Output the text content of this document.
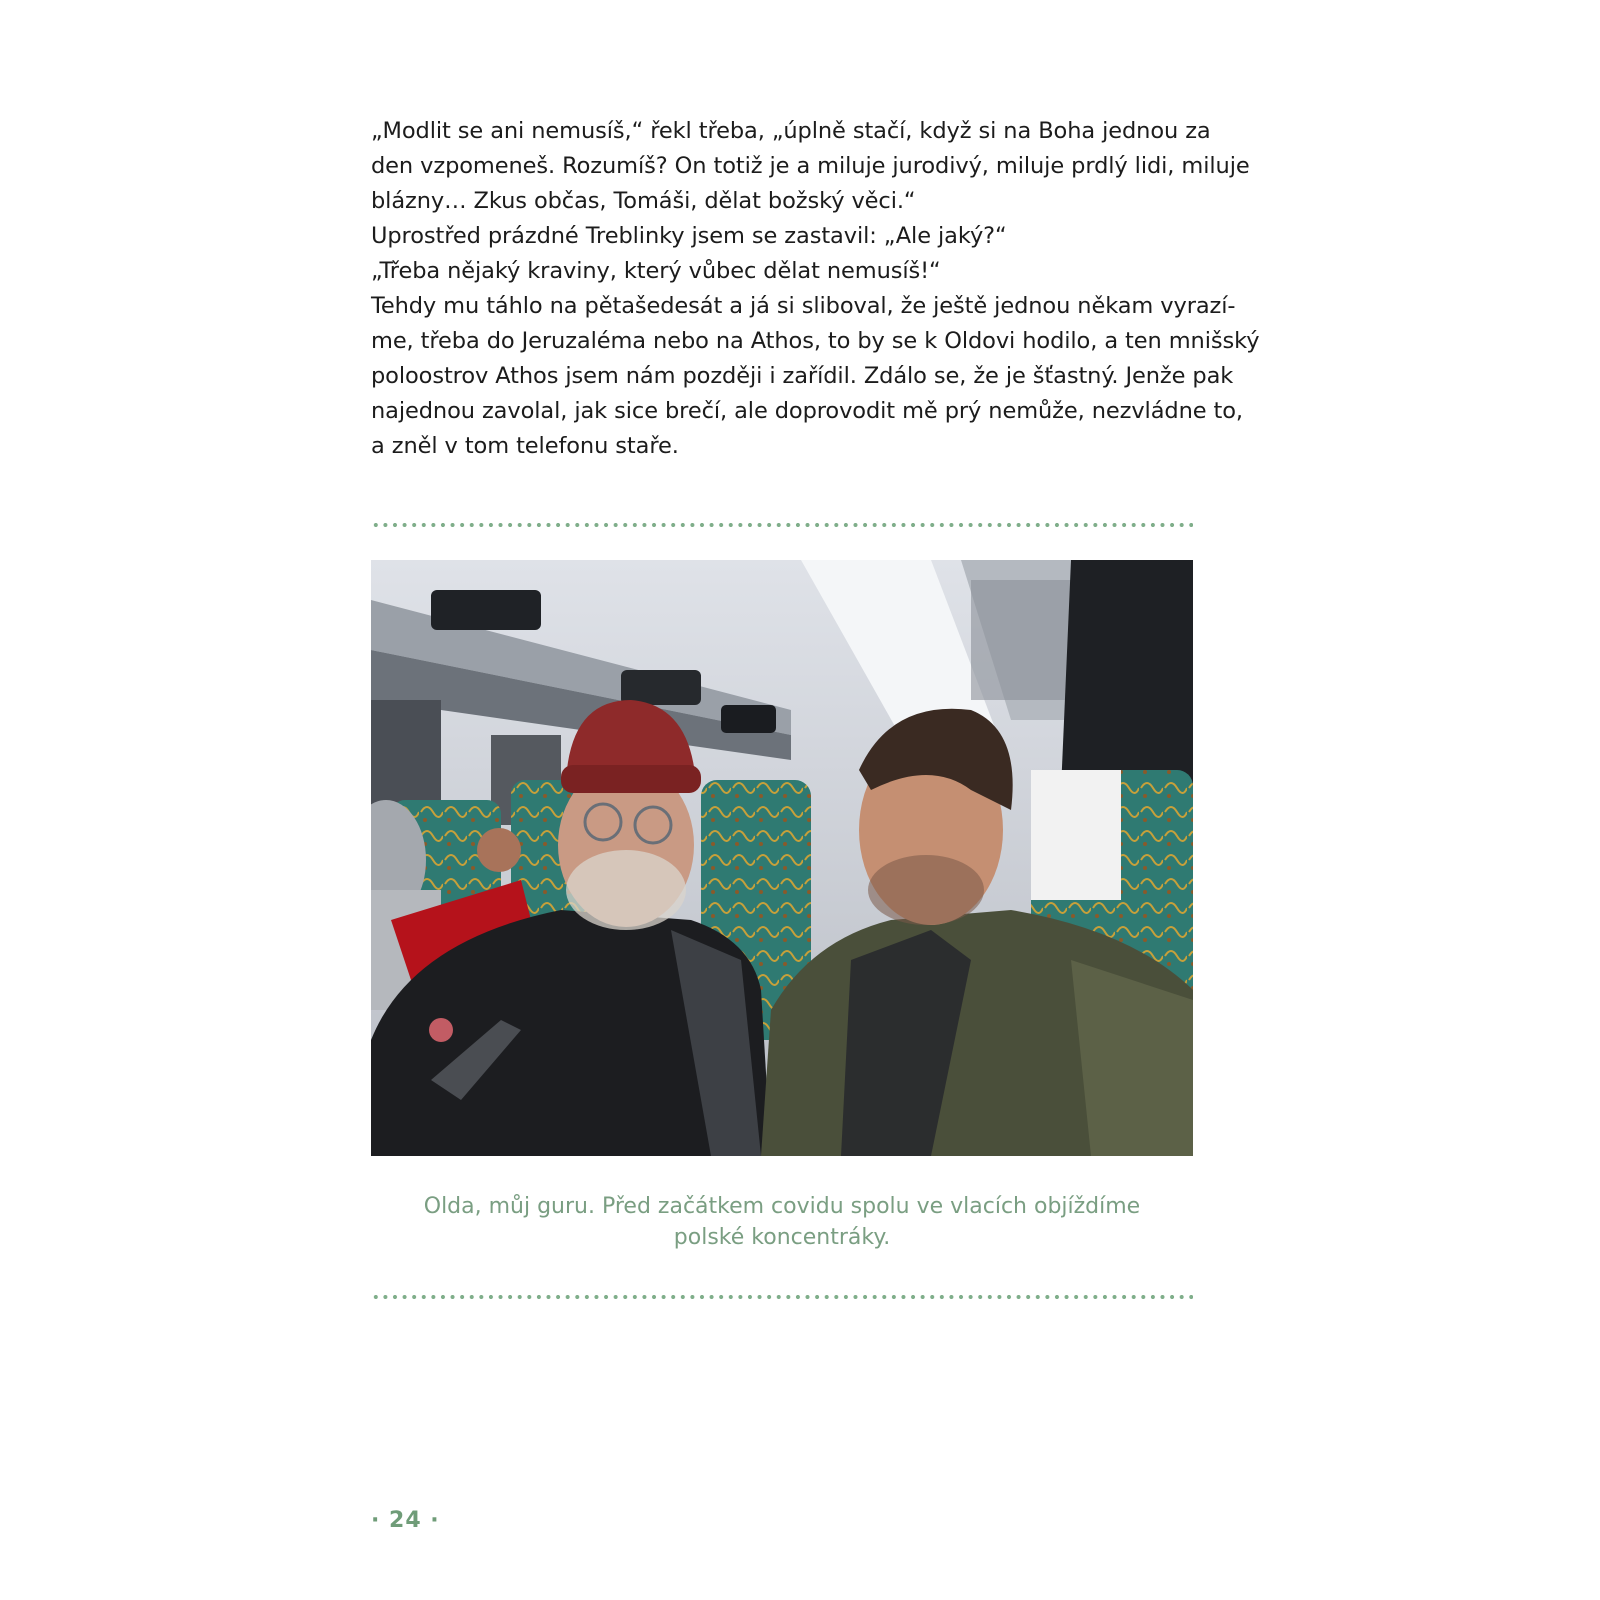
„Modlit se ani nemusíš,“ řekl třeba, „úplně stačí, když si na Boha jednou za
den vzpomeneš. Rozumíš? On totiž je a miluje jurodivý, miluje prdlý lidi, miluje
blázny… Zkus občas, Tomáši, dělat božský věci.“
Uprostřed prázdné Treblinky jsem se zastavil: „Ale jaký?“
„Třeba nějaký kraviny, který vůbec dělat nemusíš!“
Tehdy mu táhlo na pětašedesát a já si sliboval, že ještě jednou někam vyrazí-
me, třeba do Jeruzaléma nebo na Athos, to by se k Oldovi hodilo, a ten mnišský
poloostrov Athos jsem nám později i zařídil. Zdálo se, že je šťastný. Jenže pak
najednou zavolal, jak sice brečí, ale doprovodit mě prý nemůže, nezvládne to,
a zněl v tom telefonu staře.
Olda, můj guru. Před začátkem covidu spolu ve vlacích objíždíme
polské koncentráky.
· 24 ·
